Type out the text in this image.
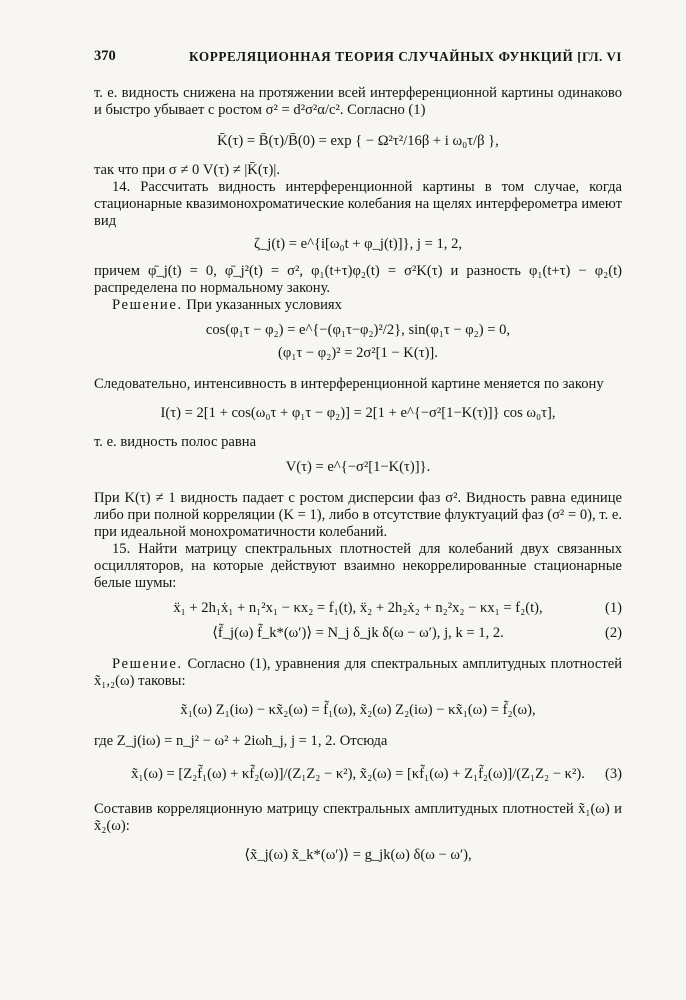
370	КОРРЕЛЯЦИОННАЯ ТЕОРИЯ СЛУЧАЙНЫХ ФУНКЦИЙ [ГЛ. VI

т. е. видность снижена на протяжении всей интерференционной картины одинаково и быстро убывает с ростом σ² = d²σ²α/c². Согласно (1)

K̄(τ) = B̄(τ)/B̄(0) = exp { − Ω²τ²/16β + i ω₀τ/β },

так что при σ ≠ 0 V(τ) ≠ |K̄(τ)|.

14. Рассчитать видность интерференционной картины в том случае, когда стационарные квазимонохроматические колебания на щелях интерферометра имеют вид

ζ_j(t) = e^{i[ω₀t + φ_j(t)]}, j = 1, 2,

причем φ̄_j(t) = 0, φ̄_j²(t) = σ², φ₁(t+τ)φ₂(t) = σ²K(τ) и разность φ₁(t+τ) − φ₂(t) распределена по нормальному закону.

Решение. При указанных условиях

cos(φ₁τ − φ₂) = e^{−(φ₁τ−φ₂)²/2}, sin(φ₁τ − φ₂) = 0,
(φ₁τ − φ₂)² = 2σ²[1 − K(τ)].

Следовательно, интенсивность в интерференционной картине меняется по закону

I(τ) = 2[1 + cos(ω₀τ + φ₁τ − φ₂)] = 2[1 + e^{−σ²[1−K(τ)]} cos ω₀τ],

т. е. видность полос равна

V(τ) = e^{−σ²[1−K(τ)]}.

При K(τ) ≠ 1 видность падает с ростом дисперсии фаз σ². Видность равна единице либо при полной корреляции (K = 1), либо в отсутствие флуктуаций фаз (σ² = 0), т. е. при идеальной монохроматичности колебаний.

15. Найти матрицу спектральных плотностей для колебаний двух связанных осцилляторов, на которые действуют взаимно некоррелированные стационарные белые шумы:

ẍ₁ + 2h₁ẋ₁ + n₁²x₁ − κx₂ = f₁(t), ẍ₂ + 2h₂ẋ₂ + n₂²x₂ − κx₁ = f₂(t),	(1)
⟨f̃_j(ω) f̃_k*(ω′)⟩ = N_j δ_jk δ(ω − ω′), j, k = 1, 2.	(2)

Решение. Согласно (1), уравнения для спектральных амплитудных плотностей x̃₁,₂(ω) таковы:

x̃₁(ω) Z₁(iω) − κx̃₂(ω) = f̃₁(ω), x̃₂(ω) Z₂(iω) − κx̃₁(ω) = f̃₂(ω),

где Z_j(iω) = n_j² − ω² + 2iωh_j, j = 1, 2. Отсюда

x̃₁(ω) = [Z₂f̃₁(ω) + κf̃₂(ω)]/(Z₁Z₂ − κ²), x̃₂(ω) = [κf̃₁(ω) + Z₁f̃₂(ω)]/(Z₁Z₂ − κ²). (3)

Составив корреляционную матрицу спектральных амплитудных плотностей x̃₁(ω) и x̃₂(ω):

⟨x̃_j(ω) x̃_k*(ω′)⟩ = g_jk(ω) δ(ω − ω′),
